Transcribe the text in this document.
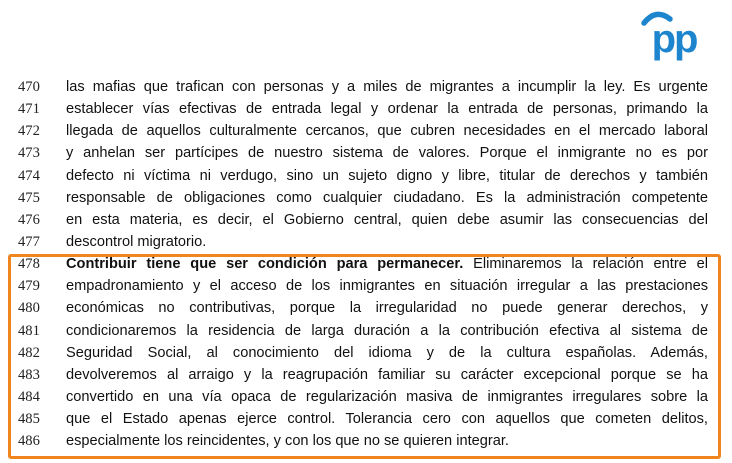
pp
470	las mafias que trafican con personas y a miles de migrantes a incumplir la ley. Es urgente
471	establecer vías efectivas de entrada legal y ordenar la entrada de personas, primando la
472	llegada de aquellos culturalmente cercanos, que cubren necesidades en el mercado laboral
473	y anhelan ser partícipes de nuestro sistema de valores. Porque el inmigrante no es por
474	defecto ni víctima ni verdugo, sino un sujeto digno y libre, titular de derechos y también
475	responsable de obligaciones como cualquier ciudadano. Es la administración competente
476	en esta materia, es decir, el Gobierno central, quien debe asumir las consecuencias del
477	descontrol migratorio.
478	Contribuir tiene que ser condición para permanecer. Eliminaremos la relación entre el
479	empadronamiento y el acceso de los inmigrantes en situación irregular a las prestaciones
480	económicas no contributivas, porque la irregularidad no puede generar derechos, y
481	condicionaremos la residencia de larga duración a la contribución efectiva al sistema de
482	Seguridad Social, al conocimiento del idioma y de la cultura españolas. Además,
483	devolveremos al arraigo y la reagrupación familiar su carácter excepcional porque se ha
484	convertido en una vía opaca de regularización masiva de inmigrantes irregulares sobre la
485	que el Estado apenas ejerce control. Tolerancia cero con aquellos que cometen delitos,
486	especialmente los reincidentes, y con los que no se quieren integrar.
